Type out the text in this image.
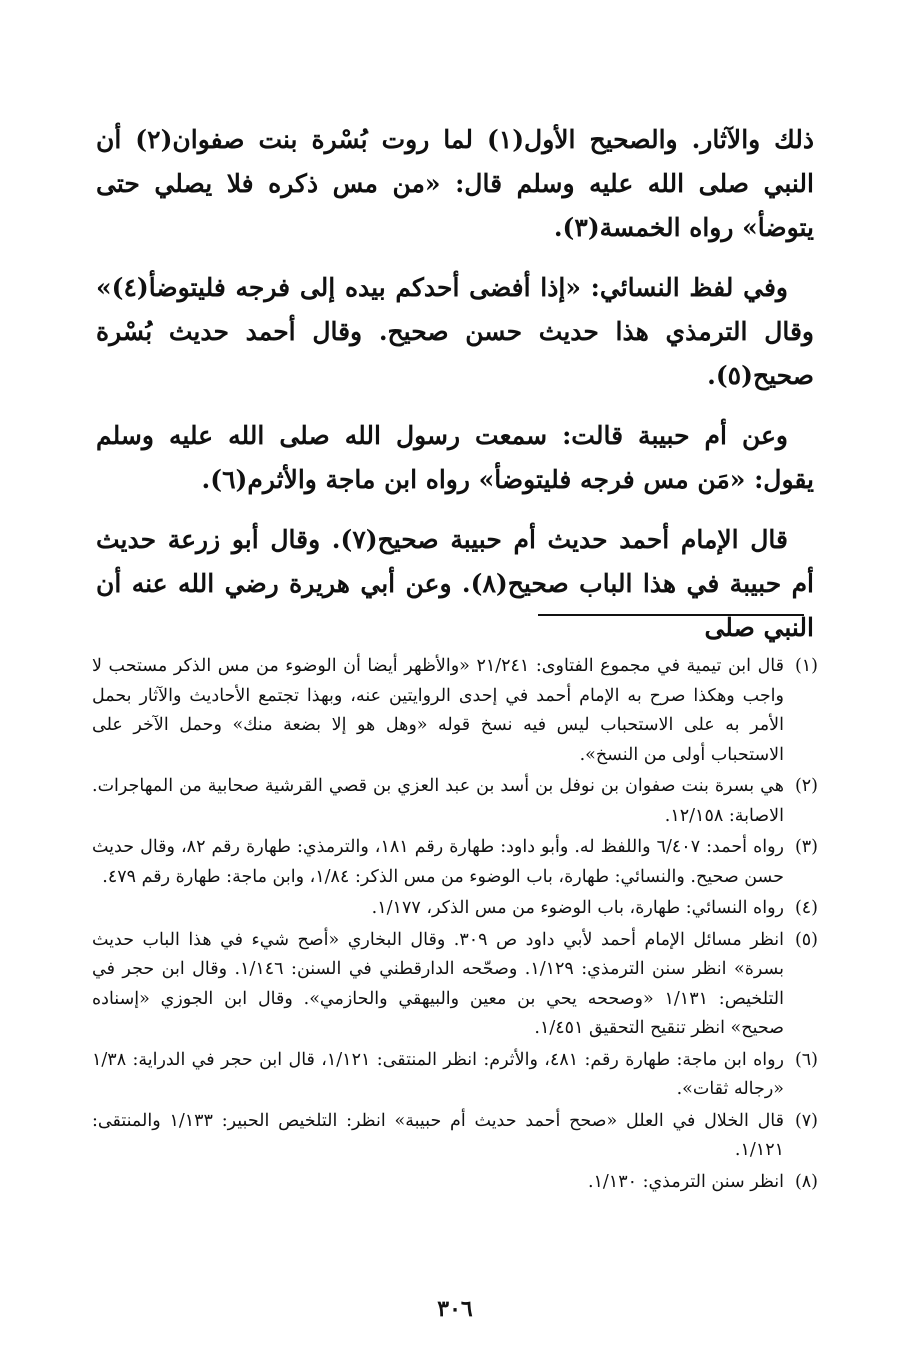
ذلك والآثار. والصحيح الأول(١) لما روت بُسْرة بنت صفوان(٢) أن النبي صلى الله عليه وسلم قال: «من مس ذكره فلا يصلي حتى يتوضأ» رواه الخمسة(٣).

وفي لفظ النسائي: «إذا أفضى أحدكم بيده إلى فرجه فليتوضأ(٤)» وقال الترمذي هذا حديث حسن صحيح. وقال أحمد حديث بُسْرة صحيح(٥).

وعن أم حبيبة قالت: سمعت رسول الله صلى الله عليه وسلم يقول: «مَن مس فرجه فليتوضأ» رواه ابن ماجة والأثرم(٦).

قال الإمام أحمد حديث أم حبيبة صحيح(٧). وقال أبو زرعة حديث أم حبيبة في هذا الباب صحيح(٨). وعن أبي هريرة رضي الله عنه أن النبي صلى

(١)
قال ابن تيمية في مجموع الفتاوى: ٢١/٢٤١ «والأظهر أيضا أن الوضوء من مس الذكر مستحب لا واجب وهكذا صرح به الإمام أحمد في إحدى الروايتين عنه، وبهذا تجتمع الأحاديث والآثار بحمل الأمر به على الاستحباب ليس فيه نسخ قوله «وهل هو إلا بضعة منك» وحمل الآخر على الاستحباب أولى من النسخ».
(٢)
هي بسرة بنت صفوان بن نوفل بن أسد بن عبد العزي بن قصي القرشية صحابية من المهاجرات. الاصابة: ١٢/١٥٨.
(٣)
رواه أحمد: ٦/٤٠٧ واللفظ له. وأبو داود: طهارة رقم ١٨١، والترمذي: طهارة رقم ٨٢، وقال حديث حسن صحيح. والنسائي: طهارة، باب الوضوء من مس الذكر: ١/٨٤، وابن ماجة: طهارة رقم ٤٧٩.
(٤)
رواه النسائي: طهارة، باب الوضوء من مس الذكر، ١/١٧٧.
(٥)
انظر مسائل الإمام أحمد لأبي داود ص ٣٠٩. وقال البخاري «أصح شيء في هذا الباب حديث بسرة» انظر سنن الترمذي: ١/١٢٩. وصحّحه الدارقطني في السنن: ١/١٤٦. وقال ابن حجر في التلخيص: ١/١٣١ «وصححه يحي بن معين والبيهقي والحازمي». وقال ابن الجوزي «إسناده صحيح» انظر تنقيح التحقيق ١/٤٥١.
(٦)
رواه ابن ماجة: طهارة رقم: ٤٨١، والأثرم: انظر المنتقى: ١/١٢١، قال ابن حجر في الدراية: ١/٣٨ «رجاله ثقات».
(٧)
قال الخلال في العلل «صحح أحمد حديث أم حبيبة» انظر: التلخيص الحبير: ١/١٣٣ والمنتقى: ١/١٢١.
(٨)
انظر سنن الترمذي: ١/١٣٠.
٣٠٦
